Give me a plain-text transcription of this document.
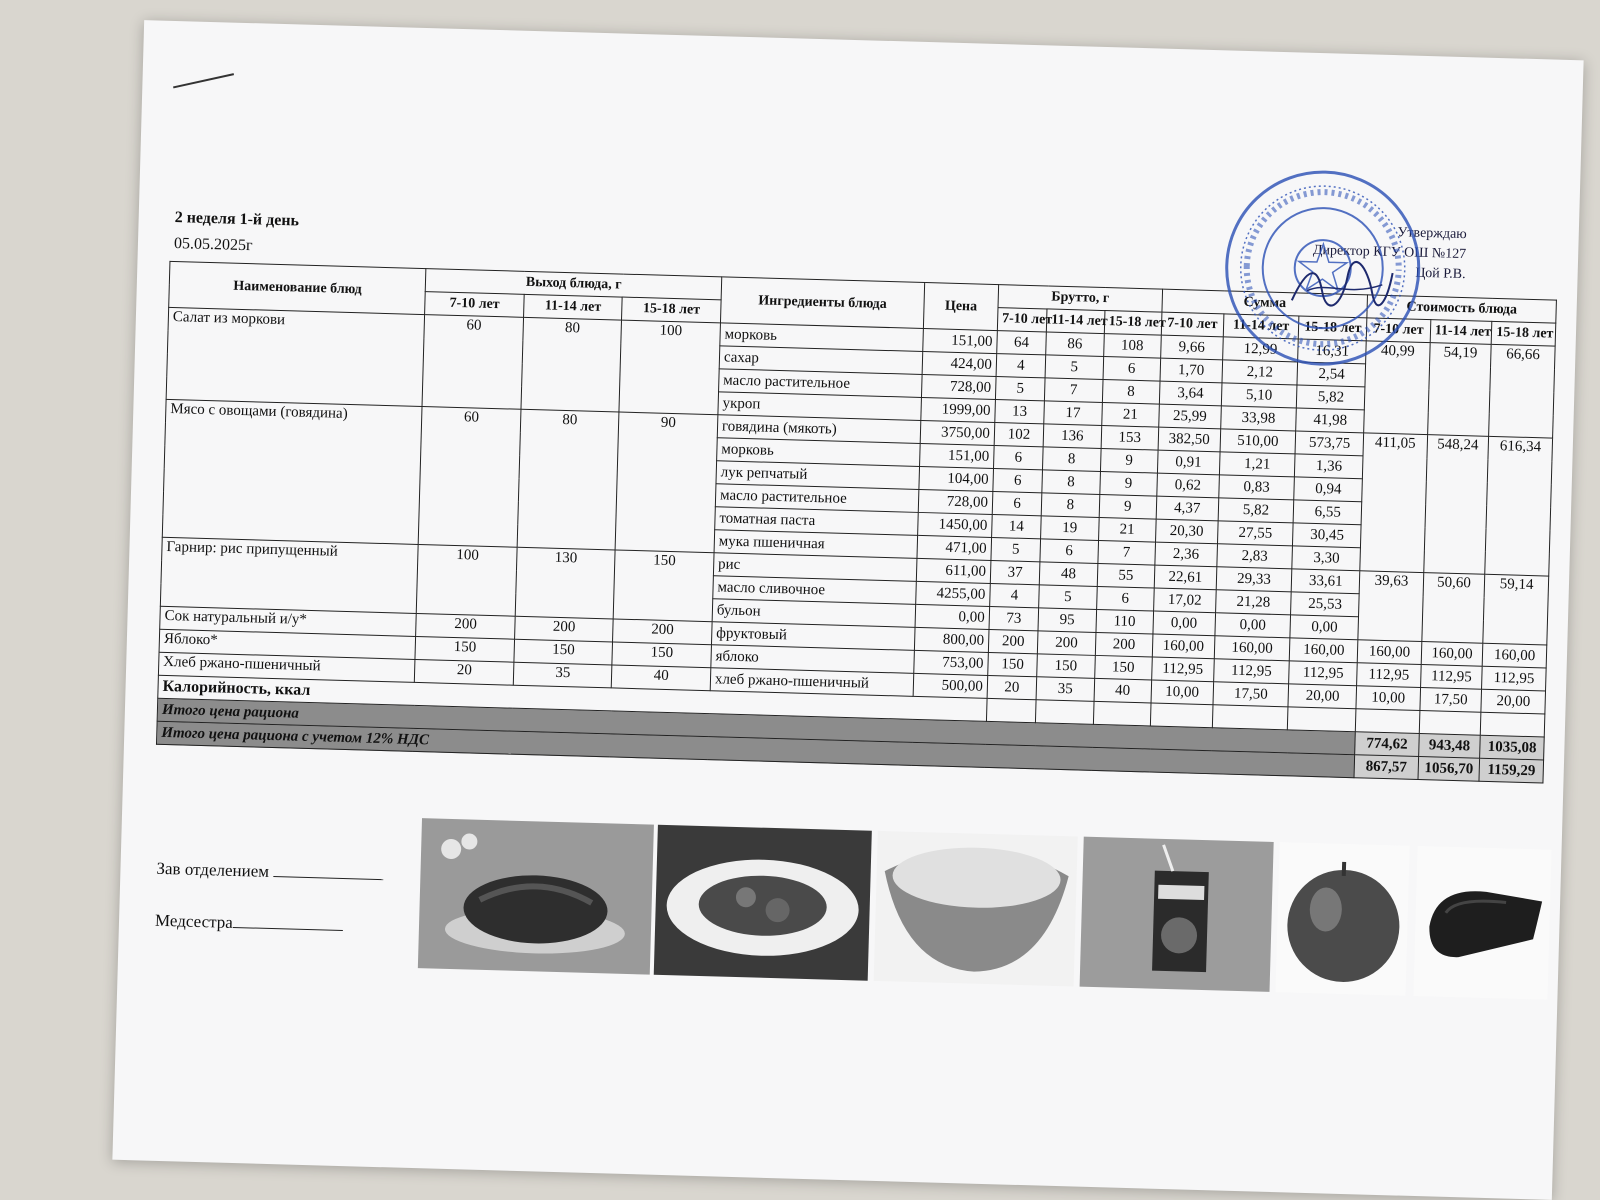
2 неделя 1-й день
05.05.2025г
Утверждаю
Директор КГУ ОШ №127
Цой Р.В.
Наименование блюд	Выход блюда, г			Ингредиенты блюда	Цена	Брутто, г			Сумма			Стоимость блюда		
	7-10 лет	11-14 лет	15-18 лет			7-10 лет	11-14 лет	15-18 лет	7-10 лет	11-14 лет	15-18 лет	7-10 лет	11-14 лет	15-18 лет
Салат из моркови	60	80	100	морковь	151,00	64	86	108	9,66	12,99	16,31	40,99	54,19	66,66
				сахар	424,00	4	5	6	1,70	2,12	2,54			
				масло растительное	728,00	5	7	8	3,64	5,10	5,82			
				укроп	1999,00	13	17	21	25,99	33,98	41,98			
Мясо с овощами (говядина)	60	80	90	говядина (мякоть)	3750,00	102	136	153	382,50	510,00	573,75	411,05	548,24	616,34
				морковь	151,00	6	8	9	0,91	1,21	1,36			
				лук репчатый	104,00	6	8	9	0,62	0,83	0,94			
				масло растительное	728,00	6	8	9	4,37	5,82	6,55			
				томатная паста	1450,00	14	19	21	20,30	27,55	30,45			
				мука пшеничная	471,00	5	6	7	2,36	2,83	3,30			
Гарнир: рис припущенный	100	130	150	рис	611,00	37	48	55	22,61	29,33	33,61	39,63	50,60	59,14
				масло сливочное	4255,00	4	5	6	17,02	21,28	25,53			
				бульон	0,00	73	95	110	0,00	0,00	0,00			
Сок натуральный и/у*	200	200	200	фруктовый	800,00	200	200	200	160,00	160,00	160,00	160,00	160,00	160,00
Яблоко*	150	150	150	яблоко	753,00	150	150	150	112,95	112,95	112,95	112,95	112,95	112,95
Хлеб ржано-пшеничный	20	35	40	хлеб ржано-пшеничный	500,00	20	35	40	10,00	17,50	20,00	10,00	17,50	20,00
Калорийность, ккал														
Итого цена рациона												774,62	943,48	1035,08
Итого цена рациона с учетом 12% НДС												867,57	1056,70	1159,29
Зав отделением
Медсестра
